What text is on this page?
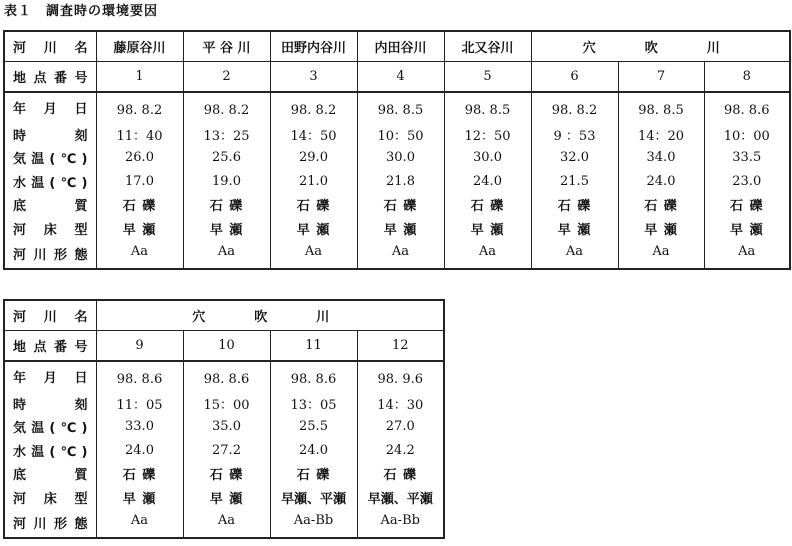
表１　調査時の環境要因
河川名	藤原谷川	平 谷 川	田野内谷川	内田谷川	北又谷川	穴　吹　川		
地点番号	1	2	3	4	5	6	7	8
年月日	98. 8.2	98. 8.2	98. 8.2	98. 8.5	98. 8.5	98. 8.2	98. 8.5	98. 8.6
時刻	11：40	13：25	14：50	10：50	12：50	9 ：53	14：20	10：00
気温(℃)	26.0	25.6	29.0	30.0	30.0	32.0	34.0	33.5
水温(℃)	17.0	19.0	21.0	21.8	24.0	21.5	24.0	23.0
底質	石 礫	石 礫	石 礫	石 礫	石 礫	石 礫	石 礫	石 礫
河床型	早 瀬	早 瀬	早 瀬	早 瀬	早 瀬	早 瀬	早 瀬	早 瀬
河川形態	Aa	Aa	Aa	Aa	Aa	Aa	Aa	Aa
河川名	穴　吹　川			
地点番号	9	10	11	12
年月日	98. 8.6	98. 8.6	98. 8.6	98. 9.6
時刻	11：05	15：00	13：05	14：30
気温(℃)	33.0	35.0	25.5	27.0
水温(℃)	24.0	27.2	24.0	24.2
底質	石 礫	石 礫	石 礫	石 礫
河床型	早 瀬	早 瀬	早瀬、平瀬	早瀬、平瀬
河川形態	Aa	Aa	Aa-Bb	Aa-Bb
